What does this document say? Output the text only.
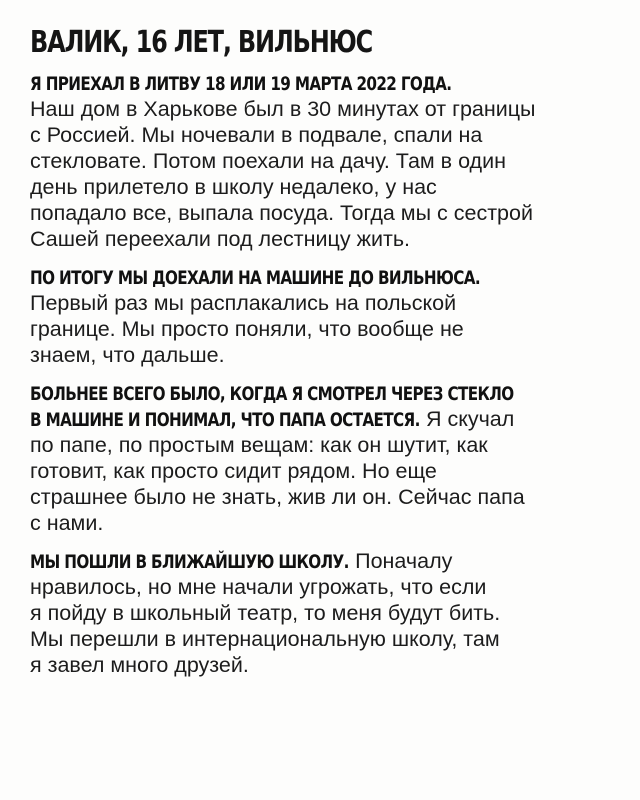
ВАЛИК, 16 ЛЕТ, ВИЛЬНЮС
Я ПРИЕХАЛ В ЛИТВУ 18 ИЛИ 19 МАРТА 2022 ГОДА.
Наш дом в Харькове был в 30 минутах от границы
с Россией. Мы ночевали в подвале, спали на
стекловате. Потом поехали на дачу. Там в один
день прилетело в школу недалеко, у нас
попадало все, выпала посуда. Тогда мы с сестрой
Сашей переехали под лестницу жить.
ПО ИТОГУ МЫ ДОЕХАЛИ НА МАШИНЕ ДО ВИЛЬНЮСА.
Первый раз мы расплакались на польской
границе. Мы просто поняли, что вообще не
знаем, что дальше.
БОЛЬНЕЕ ВСЕГО БЫЛО, КОГДА Я СМОТРЕЛ ЧЕРЕЗ СТЕКЛО
В МАШИНЕ И ПОНИМАЛ, ЧТО ПАПА ОСТАЕТСЯ. Я скучал
по папе, по простым вещам: как он шутит, как
готовит, как просто сидит рядом. Но еще
страшнее было не знать, жив ли он. Сейчас папа
с нами.
МЫ ПОШЛИ В БЛИЖАЙШУЮ ШКОЛУ. Поначалу
нравилось, но мне начали угрожать, что если
я пойду в школьный театр, то меня будут бить.
Мы перешли в интернациональную школу, там
я завел много друзей.
